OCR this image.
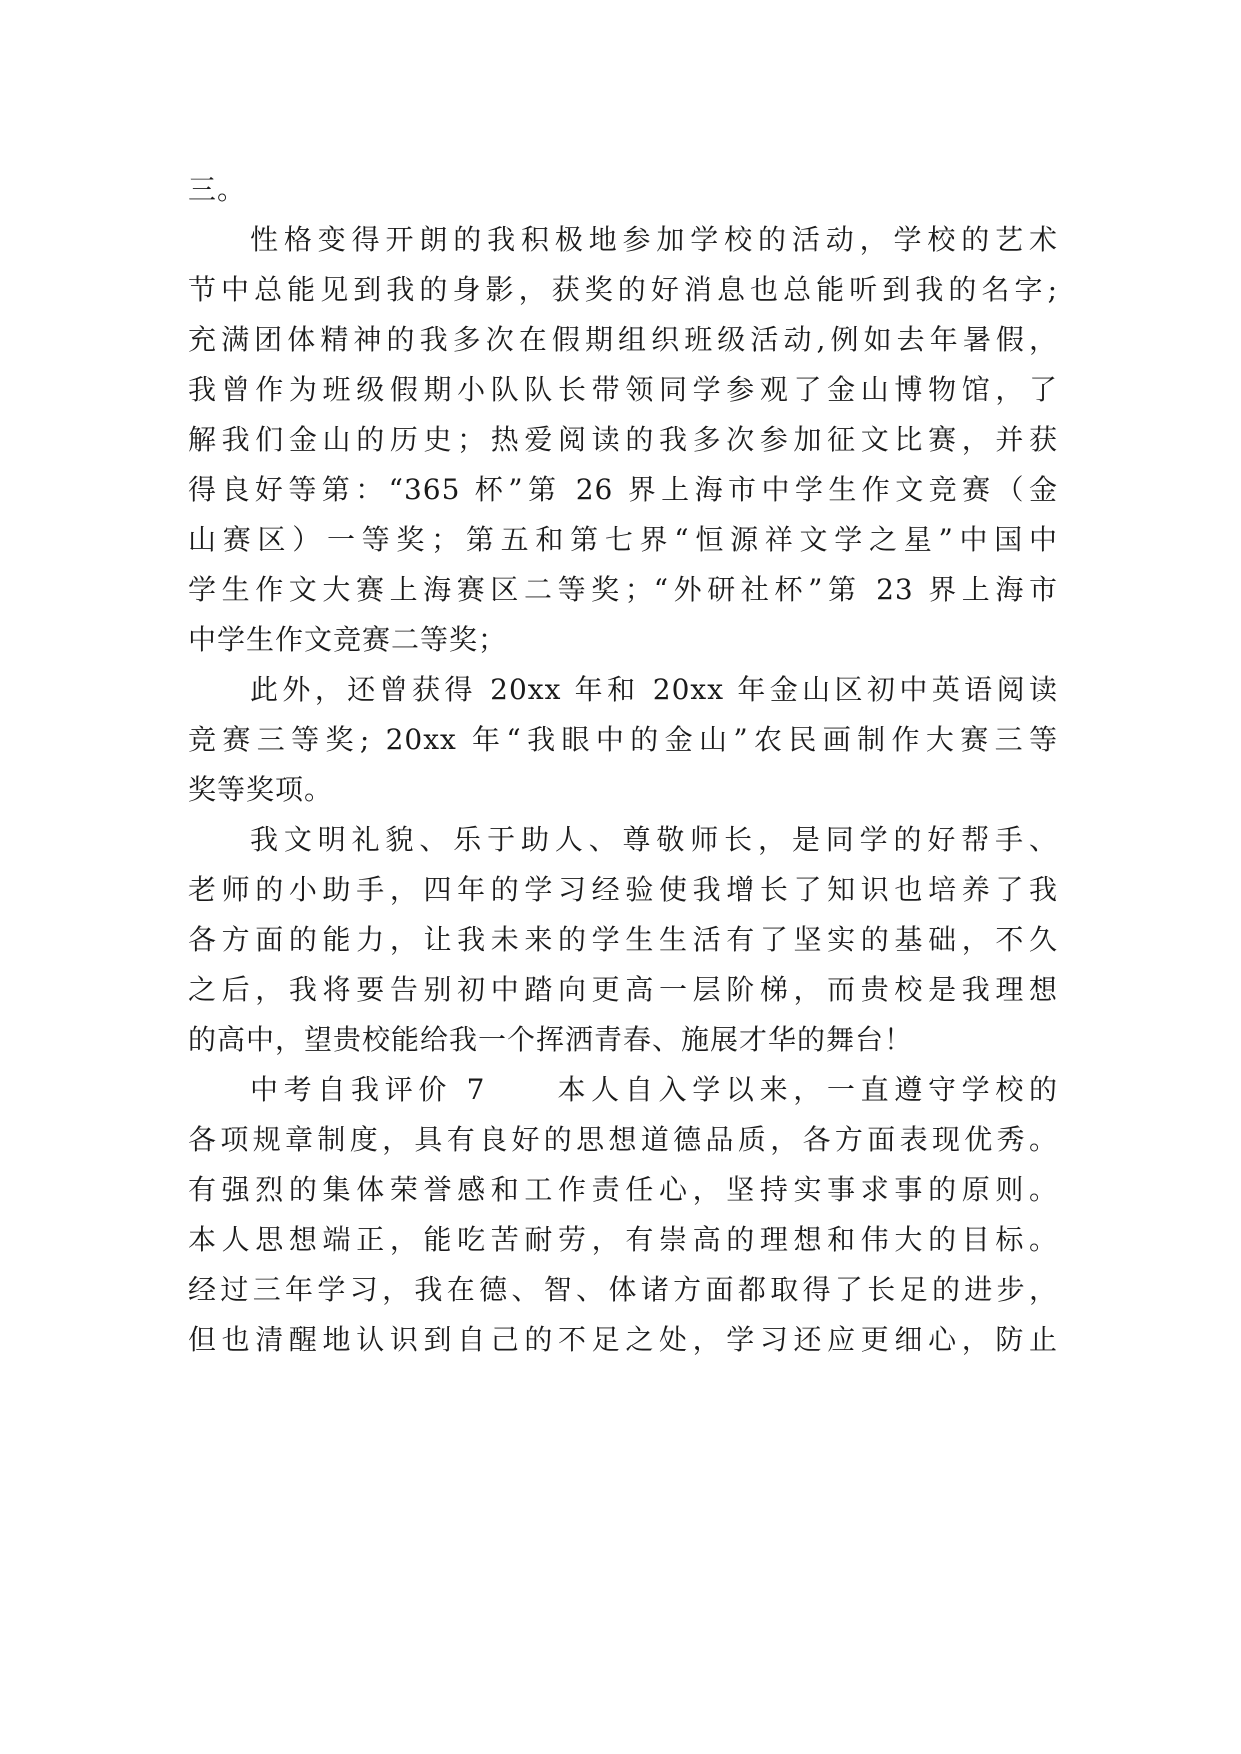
三。
性格变得开朗的我积极地参加学校的活动，学校的艺术
节中总能见到我的身影，获奖的好消息也总能听到我的名字;
充满团体精神的我多次在假期组织班级活动,例如去年暑假，
我曾作为班级假期小队队长带领同学参观了金山博物馆，了
解我们金山的历史；热爱阅读的我多次参加征文比赛，并获
得良好等第：“365 杯”第 26 界上海市中学生作文竞赛（金
山赛区）一等奖；第五和第七界“恒源祥文学之星”中国中
学生作文大赛上海赛区二等奖；“外研社杯”第 23 界上海市
中学生作文竞赛二等奖；
此外，还曾获得 20xx 年和 20xx 年金山区初中英语阅读
竞赛三等奖; 20xx 年“我眼中的金山”农民画制作大赛三等
奖等奖项。
我文明礼貌、乐于助人、尊敬师长，是同学的好帮手、
老师的小助手，四年的学习经验使我增长了知识也培养了我
各方面的能力，让我未来的学生生活有了坚实的基础，不久
之后，我将要告别初中踏向更高一层阶梯，而贵校是我理想
的高中，望贵校能给我一个挥洒青春、施展才华的舞台！
中考自我评价 7　　本人自入学以来，一直遵守学校的
各项规章制度，具有良好的思想道德品质，各方面表现优秀。
有强烈的集体荣誉感和工作责任心，坚持实事求事的原则。
本人思想端正，能吃苦耐劳，有崇高的理想和伟大的目标。
经过三年学习，我在德、智、体诸方面都取得了长足的进步，
但也清醒地认识到自己的不足之处，学习还应更细心，防止
